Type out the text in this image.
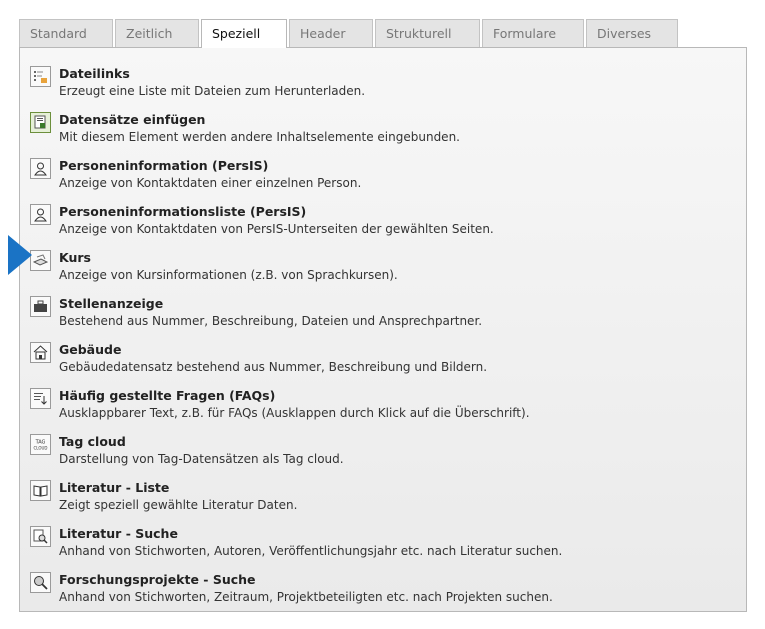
Standard	Zeitlich	Speziell	Header	Strukturell	Formulare	Diverses
Dateilinks
Erzeugt eine Liste mit Dateien zum Herunterladen.
Datensätze einfügen
Mit diesem Element werden andere Inhaltselemente eingebunden.
Personeninformation (PersIS)
Anzeige von Kontaktdaten einer einzelnen Person.
Personeninformationsliste (PersIS)
Anzeige von Kontaktdaten von PersIS-Unterseiten der gewählten Seiten.
Kurs
Anzeige von Kursinformationen (z.B. von Sprachkursen).
Stellenanzeige
Bestehend aus Nummer, Beschreibung, Dateien und Ansprechpartner.
Gebäude
Gebäudedatensatz bestehend aus Nummer, Beschreibung und Bildern.
Häufig gestellte Fragen (FAQs)
Ausklappbarer Text, z.B. für FAQs (Ausklappen durch Klick auf die Überschrift).
TAG
CLOUD Tag cloud
Darstellung von Tag-Datensätzen als Tag cloud.
Literatur - Liste
Zeigt speziell gewählte Literatur Daten.
Literatur - Suche
Anhand von Stichworten, Autoren, Veröffentlichungsjahr etc. nach Literatur suchen.
Forschungsprojekte - Suche
Anhand von Stichworten, Zeitraum, Projektbeteiligten etc. nach Projekten suchen.
